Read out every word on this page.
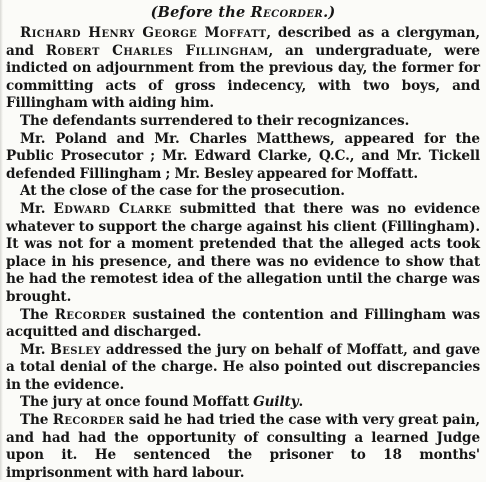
(Before the Recorder.)

Richard Henry George Moffatt, described as a clergyman, and Robert Charles Fillingham, an undergraduate, were indicted on adjournment from the previous day, the former for committing acts of gross indecency, with two boys, and Fillingham with aiding him.

The defendants surrendered to their recognizances.

Mr. Poland and Mr. Charles Matthews, appeared for the Public Prosecutor ; Mr. Edward Clarke, Q.C., and Mr. Tickell defended Fillingham ; Mr. Besley appeared for Moffatt.

At the close of the case for the prosecution.

Mr. Edward Clarke submitted that there was no evidence whatever to support the charge against his client (Fillingham). It was not for a moment pretended that the alleged acts took place in his presence, and there was no evidence to show that he had the remotest idea of the allegation until the charge was brought.

The Recorder sustained the contention and Fillingham was acquitted and discharged.

Mr. Besley addressed the jury on behalf of Moffatt, and gave a total denial of the charge. He also pointed out discrepancies in the evidence.

The jury at once found Moffatt Guilty.

The Recorder said he had tried the case with very great pain, and had had the opportunity of consulting a learned Judge upon it. He sentenced the prisoner to 18 months' imprisonment with hard labour.
